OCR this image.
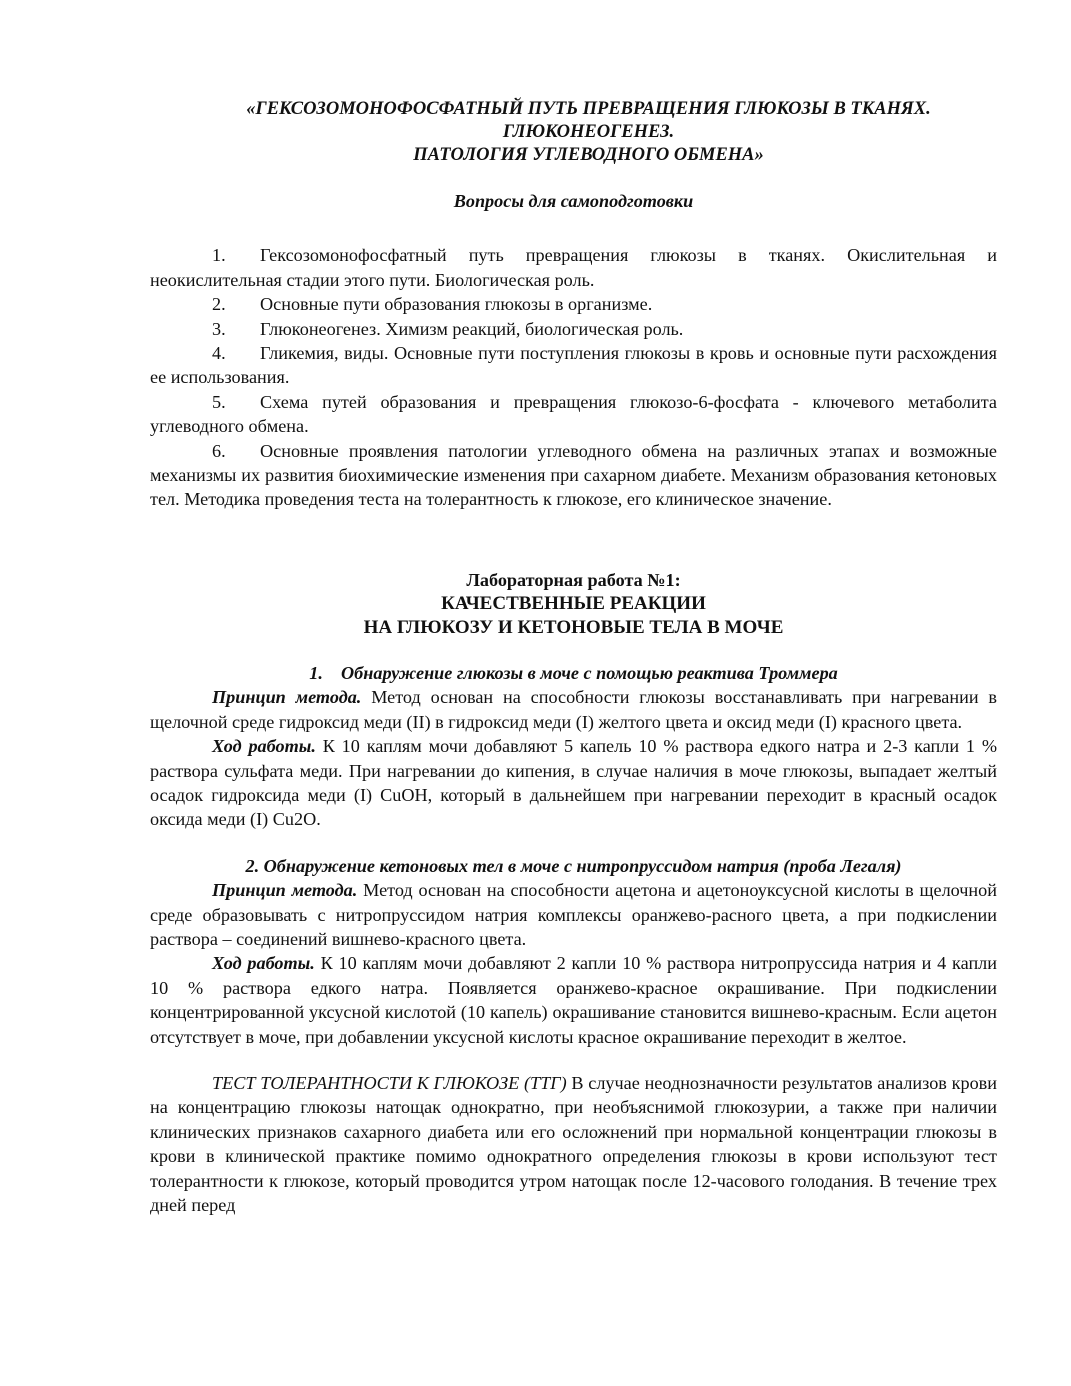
«ГЕКСОЗОМОНОФОСФАТНЫЙ ПУТЬ ПРЕВРАЩЕНИЯ ГЛЮКОЗЫ В ТКАНЯХ.
ГЛЮКОНЕОГЕНЕЗ.
ПАТОЛОГИЯ УГЛЕВОДНОГО ОБМЕНА»
Вопросы для самоподготовки
1. Гексозомонофосфатный путь превращения глюкозы в тканях. Окислительная и неокислительная стадии этого пути. Биологическая роль.
2. Основные пути образования глюкозы в организме.
3. Глюконеогенез. Химизм реакций, биологическая роль.
4. Гликемия, виды. Основные пути поступления глюкозы в кровь и основные пути расхождения ее использования.
5. Схема путей образования и превращения глюкозо-6-фосфата - ключевого метаболита углеводного обмена.
6. Основные проявления патологии углеводного обмена на различных этапах и возможные механизмы их развития биохимические изменения при сахарном диабете. Механизм образования кетоновых тел. Методика проведения теста на толерантность к глюкозе, его клиническое значение.
Лабораторная работа №1:
КАЧЕСТВЕННЫЕ РЕАКЦИИ
НА ГЛЮКОЗУ И КЕТОНОВЫЕ ТЕЛА В МОЧЕ
1.    Обнаружение глюкозы в моче с помощью реактива Троммера
Принцип метода. Метод основан на способности глюкозы восстанавливать при нагревании в щелочной среде гидроксид меди (II) в гидроксид меди (I) желтого цвета и оксид меди (I) красного цвета.
Ход работы. К 10 каплям мочи добавляют 5 капель 10 % раствора едкого натра и 2-3 капли 1 % раствора сульфата меди. При нагревании до кипения, в случае наличия в моче глюкозы, выпадает желтый осадок гидроксида меди (I) CuOH, который в дальнейшем при нагревании переходит в красный осадок оксида меди (I) Cu2O.
2. Обнаружение кетоновых тел в моче с нитропруссидом натрия (проба Легаля)
Принцип метода. Метод основан на способности ацетона и ацетоноуксусной кислоты в щелочной среде образовывать с нитропруссидом натрия комплексы оранжево-расного цвета, а при подкислении раствора – соединений вишнево-красного цвета.
Ход работы. К 10 каплям мочи добавляют 2 капли 10 % раствора нитропруссида натрия и 4 капли 10 % раствора едкого натра. Появляется оранжево-красное окрашивание. При подкислении концентрированной уксусной кислотой (10 капель) окрашивание становится вишнево-красным. Если ацетон отсутствует в моче, при добавлении уксусной кислоты красное окрашивание переходит в желтое.
ТЕСТ ТОЛЕРАНТНОСТИ К ГЛЮКОЗЕ (ТТГ) В случае неоднозначности результатов анализов крови на концентрацию глюкозы натощак однократно, при необъяснимой глюкозурии, а также при наличии клинических признаков сахарного диабета или его осложнений при нормальной концентрации глюкозы в крови в клинической практике помимо однократного определения глюкозы в крови используют тест толерантности к глюкозе, который проводится утром натощак после 12-часового голодания. В течение трех дней перед
